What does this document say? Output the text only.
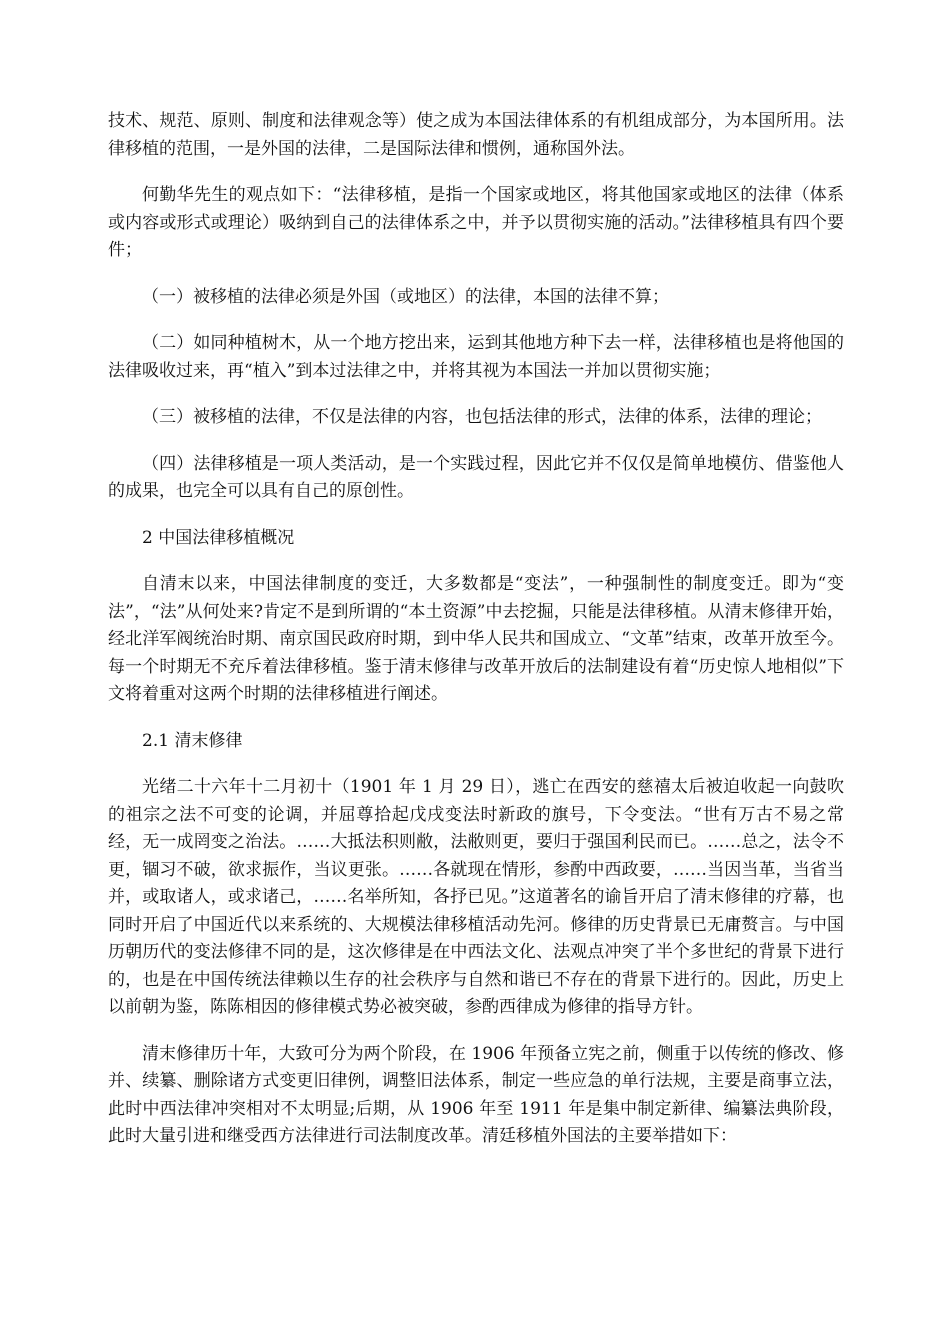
技术、规范、原则、制度和法律观念等）使之成为本国法律体系的有机组成部分，为本国所用。法律移植的范围，一是外国的法律，二是国际法律和惯例，通称国外法。

何勤华先生的观点如下：“法律移植，是指一个国家或地区，将其他国家或地区的法律（体系或内容或形式或理论）吸纳到自己的法律体系之中，并予以贯彻实施的活动。”法律移植具有四个要件；

（一）被移植的法律必须是外国（或地区）的法律，本国的法律不算；

（二）如同种植树木，从一个地方挖出来，运到其他地方种下去一样，法律移植也是将他国的法律吸收过来，再“植入”到本过法律之中，并将其视为本国法一并加以贯彻实施；

（三）被移植的法律，不仅是法律的内容，也包括法律的形式，法律的体系，法律的理论；

（四）法律移植是一项人类活动，是一个实践过程，因此它并不仅仅是简单地模仿、借鉴他人的成果，也完全可以具有自己的原创性。

2 中国法律移植概况

自清末以来，中国法律制度的变迁，大多数都是“变法”，一种强制性的制度变迁。即为“变法”，“法”从何处来?肯定不是到所谓的“本土资源”中去挖掘，只能是法律移植。从清末修律开始，经北洋军阀统治时期、南京国民政府时期，到中华人民共和国成立、“文革”结束，改革开放至今。每一个时期无不充斥着法律移植。鉴于清末修律与改革开放后的法制建设有着“历史惊人地相似”下文将着重对这两个时期的法律移植进行阐述。

2.1 清末修律

光绪二十六年十二月初十（1901 年 1 月 29 日），逃亡在西安的慈禧太后被迫收起一向鼓吹的祖宗之法不可变的论调，并屈尊拾起戊戌变法时新政的旗号，下令变法。“世有万古不易之常经，无一成罔变之治法。……大抵法积则敝，法敝则更，要归于强国利民而已。……总之，法令不更，锢习不破，欲求振作，当议更张。……各就现在情形，参酌中西政要，……当因当革，当省当并，或取诸人，或求诸己，……名举所知，各抒已见。”这道著名的谕旨开启了清末修律的疗幕，也同时开启了中国近代以来系统的、大规模法律移植活动先河。修律的历史背景已无庸赘言。与中国历朝历代的变法修律不同的是，这次修律是在中西法文化、法观点冲突了半个多世纪的背景下进行的，也是在中国传统法律赖以生存的社会秩序与自然和谐已不存在的背景下进行的。因此，历史上以前朝为鉴，陈陈相因的修律模式势必被突破，参酌西律成为修律的指导方针。

清末修律历十年，大致可分为两个阶段，在 1906 年预备立宪之前，侧重于以传统的修改、修并、续纂、删除诸方式变更旧律例，调整旧法体系，制定一些应急的单行法规，主要是商事立法，此时中西法律冲突相对不太明显;后期，从 1906 年至 1911 年是集中制定新律、编纂法典阶段，此时大量引进和继受西方法律进行司法制度改革。清廷移植外国法的主要举措如下：
